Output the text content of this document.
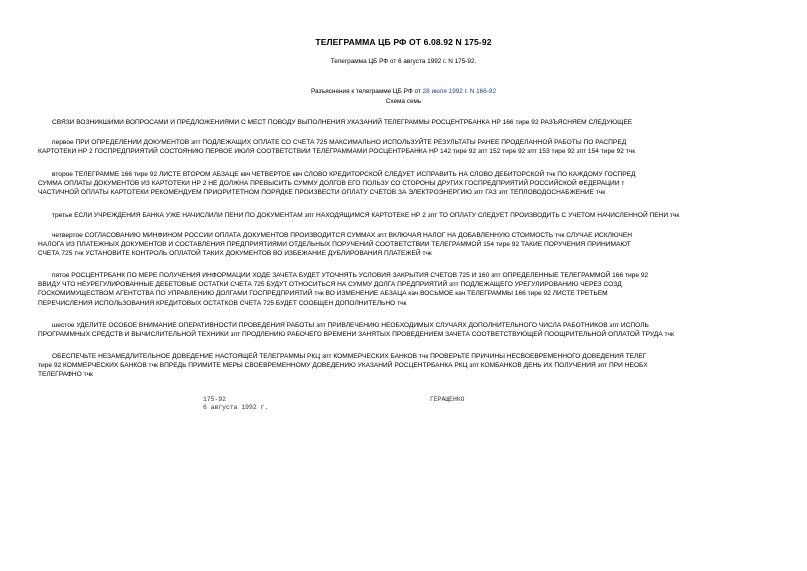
ТЕЛЕГРАММА ЦБ РФ ОТ 6.08.92 N 175-92
Телеграмма ЦБ РФ от 6 августа 1992 г. N 175-92.
Разъяснения к телеграмме ЦБ РФ от 28 июля 1992 г. N 166-92
Схема семь
СВЯЗИ ВОЗНИКШИМИ ВОПРОСАМИ И ПРЕДЛОЖЕНИЯМИ С МЕСТ ПОВОДУ ВЫПОЛНЕНИЯ УКАЗАНИЙ ТЕЛЕГРАММЫ РОСЦЕНТРБАНКА НР 166 тире 92 РАЗЪЯСНЯЕМ СЛЕДУЮЩЕЕ
первое ПРИ ОПРЕДЕЛЕНИИ ДОКУМЕНТОВ зпт ПОДЛЕЖАЩИХ ОПЛАТЕ СО СЧЕТА 725 МАКСИМАЛЬНО ИСПОЛЬЗУЙТЕ РЕЗУЛЬТАТЫ РАНЕЕ ПРОДЕЛАННОЙ РАБОТЫ ПО РАСПРЕД
КАРТОТЕКИ НР 2 ГОСПРЕДПРИЯТИЙ СОСТОЯНИЮ ПЕРВОЕ ИЮЛЯ СООТВЕТСТВИИ ТЕЛЕГРАММАМИ РОСЦЕНТРБАНКА НР 142 тире 92 зпт 152 тире 92 зпт 153 тире 92 зпт 154 тире 92 тчк
второе ТЕЛЕГРАММЕ 166 тире 92 ЛИСТЕ ВТОРОМ АБЗАЦЕ квч ЧЕТВЕРТОЕ квч СЛОВО КРЕДИТОРСКОЙ СЛЕДУЕТ ИСПРАВИТЬ НА СЛОВО ДЕБИТОРСКОЙ тчк ПО КАЖДОМУ ГОСПРЕД
СУММА ОПЛАТЫ ДОКУМЕНТОВ ИЗ КАРТОТЕКИ НР 2 НЕ ДОЛЖНА ПРЕВЫСИТЬ СУММУ ДОЛГОВ ЕГО ПОЛЬЗУ СО СТОРОНЫ ДРУГИХ ГОСПРЕДПРИЯТИЙ РОССИЙСКОЙ ФЕДЕРАЦИИ т
ЧАСТИЧНОЙ ОПЛАТЫ КАРТОТЕКИ РЕКОМЕНДУЕМ ПРИОРИТЕТНОМ ПОРЯДКЕ ПРОИЗВЕСТИ ОПЛАТУ СЧЕТОВ ЗА ЭЛЕКТРОЭНЕРГИЮ зпт ГАЗ зпт ТЕПЛОВОДОСНАБЖЕНИЕ тчк
третье ЕСЛИ УЧРЕЖДЕНИЯ БАНКА УЖЕ НАЧИСЛИЛИ ПЕНИ ПО ДОКУМЕНТАМ зпт НАХОДЯЩИМСЯ КАРТОТЕКЕ НР 2 зпт ТО ОПЛАТУ СЛЕДУЕТ ПРОИЗВОДИТЬ С УЧЕТОМ НАЧИСЛЕННОЙ ПЕНИ тчк
четвертое СОГЛАСОВАНИЮ МИНФИНОМ РОССИИ ОПЛАТА ДОКУМЕНТОВ ПРОИЗВОДИТСЯ СУММАХ зпт ВКЛЮЧАЯ НАЛОГ НА ДОБАВЛЕННУЮ СТОИМОСТЬ тчк СЛУЧАЕ ИСКЛЮЧЕН
НАЛОГА ИЗ ПЛАТЕЖНЫХ ДОКУМЕНТОВ И СОСТАВЛЕНИЯ ПРЕДПРИЯТИЯМИ ОТДЕЛЬНЫХ ПОРУЧЕНИЙ СООТВЕТСТВИИ ТЕЛЕГРАММОЙ 154 тире 92 ТАКИЕ ПОРУЧЕНИЯ ПРИНИМАЮТ
СЧЕТА 725 тчк УСТАНОВИТЕ КОНТРОЛЬ ОПЛАТОЙ ТАКИХ ДОКУМЕНТОВ ВО ИЗБЕЖАНИЕ ДУБЛИРОВАНИЯ ПЛАТЕЖЕЙ тчк
пятое РОСЦЕНТРБАНК ПО МЕРЕ ПОЛУЧЕНИЯ ИНФОРМАЦИИ ХОДЕ ЗАЧЕТА БУДЕТ УТОЧНЯТЬ УСЛОВИЯ ЗАКРЫТИЯ СЧЕТОВ 725 И 160 зпт ОПРЕДЕЛЕННЫЕ ТЕЛЕГРАММОЙ 166 тире 92
ВВИДУ ЧТО НЕУРЕГУЛИРОВАННЫЕ ДЕБЕТОВЫЕ ОСТАТКИ СЧЕТА 725 БУДУТ ОТНОСИТЬСЯ НА СУММУ ДОЛГА ПРЕДПРИЯТИЙ зпт ПОДЛЕЖАЩЕГО УРЕГУЛИРОВАНИЮ ЧЕРЕЗ СОЗД
ГОСКОМИМУЩЕСТВОМ АГЕНТСТВА ПО УПРАВЛЕНИЮ ДОЛГАМИ ГОСПРЕДПРИЯТИЙ тчк ВО ИЗМЕНЕНИЕ АБЗАЦА кач ВОСЬМОЕ кач ТЕЛЕГРАММЫ 166 тире 92 ЛИСТЕ ТРЕТЬЕМ
ПЕРЕЧИСЛЕНИЯ ИСПОЛЬЗОВАНИЯ КРЕДИТОВЫХ ОСТАТКОВ СЧЕТА 725 БУДЕТ СООБЩЕН ДОПОЛНИТЕЛЬНО тчк
шестое УДЕЛИТЕ ОСОБОЕ ВНИМАНИЕ ОПЕРАТИВНОСТИ ПРОВЕДЕНИЯ РАБОТЫ зпт ПРИВЛЕЧЕНИЮ НЕОБХОДИМЫХ СЛУЧАЯХ ДОПОЛНИТЕЛЬНОГО ЧИСЛА РАБОТНИКОВ зпт ИСПОЛЬ
ПРОГРАММНЫХ СРЕДСТВ И ВЫЧИСЛИТЕЛЬНОЙ ТЕХНИКИ зпт ПРОДЛЕНИЮ РАБОЧЕГО ВРЕМЕНИ ЗАНЯТЫХ ПРОВЕДЕНИЕМ ЗАЧЕТА СООТВЕТСТВУЮЩЕЙ ПООЩРИТЕЛЬНОЙ ОПЛАТОЙ ТРУДА тчк
ОБЕСПЕЧЬТЕ НЕЗАМЕДЛИТЕЛЬНОЕ ДОВЕДЕНИЕ НАСТОЯЩЕЙ ТЕЛЕГРАММЫ РКЦ зпт КОММЕРЧЕСКИХ БАНКОВ тчк ПРОВЕРЬТЕ ПРИЧИНЫ НЕСВОЕВРЕМЕННОГО ДОВЕДЕНИЯ ТЕЛЕГ
тире 92 КОММЕРЧЕСКИХ БАНКОВ тчк ВПРЕДЬ ПРИМИТЕ МЕРЫ СВОЕВРЕМЕННОМУ ДОВЕДЕНИЮ УКАЗАНИЙ РОСЦЕНТРБАНКА РКЦ зпт КОМБАНКОВ ДЕНЬ ИХ ПОЛУЧЕНИЯ зпт ПРИ НЕОБХ
ТЕЛЕГРАФНО тчк
175-92
6 августа 1992 г.
ГЕРАЩЕНКО
